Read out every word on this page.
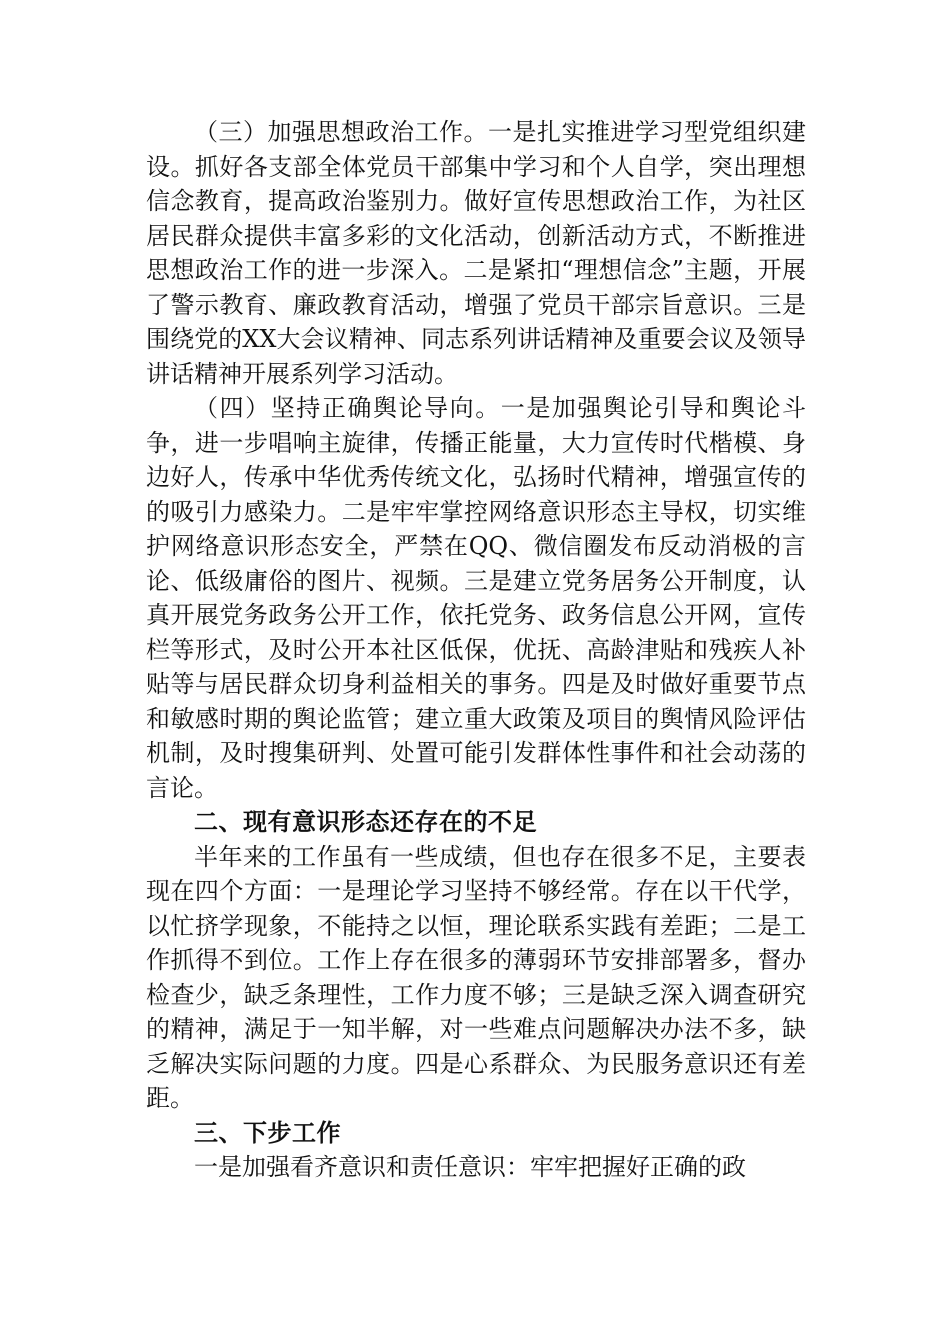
（三）加强思想政治工作。一是扎实推进学习型党组织建设。抓好各支部全体党员干部集中学习和个人自学，突出理想信念教育，提高政治鉴别力。做好宣传思想政治工作，为社区居民群众提供丰富多彩的文化活动，创新活动方式，不断推进思想政治工作的进一步深入。二是紧扣“理想信念”主题，开展了警示教育、廉政教育活动，增强了党员干部宗旨意识。三是围绕党的XX大会议精神、同志系列讲话精神及重要会议及领导讲话精神开展系列学习活动。

（四）坚持正确舆论导向。一是加强舆论引导和舆论斗争，进一步唱响主旋律，传播正能量，大力宣传时代楷模、身边好人，传承中华优秀传统文化，弘扬时代精神，增强宣传的的吸引力感染力。二是牢牢掌控网络意识形态主导权，切实维护网络意识形态安全，严禁在QQ、微信圈发布反动消极的言论、低级庸俗的图片、视频。三是建立党务居务公开制度，认真开展党务政务公开工作，依托党务、政务信息公开网，宣传栏等形式，及时公开本社区低保，优抚、高龄津贴和残疾人补贴等与居民群众切身利益相关的事务。四是及时做好重要节点和敏感时期的舆论监管；建立重大政策及项目的舆情风险评估机制，及时搜集研判、处置可能引发群体性事件和社会动荡的言论。

二、现有意识形态还存在的不足

半年来的工作虽有一些成绩，但也存在很多不足，主要表现在四个方面：一是理论学习坚持不够经常。存在以干代学，以忙挤学现象，不能持之以恒，理论联系实践有差距；二是工作抓得不到位。工作上存在很多的薄弱环节安排部署多，督办检查少，缺乏条理性，工作力度不够；三是缺乏深入调查研究的精神，满足于一知半解，对一些难点问题解决办法不多，缺乏解决实际问题的力度。四是心系群众、为民服务意识还有差距。

三、下步工作

一是加强看齐意识和责任意识：牢牢把握好正确的政
